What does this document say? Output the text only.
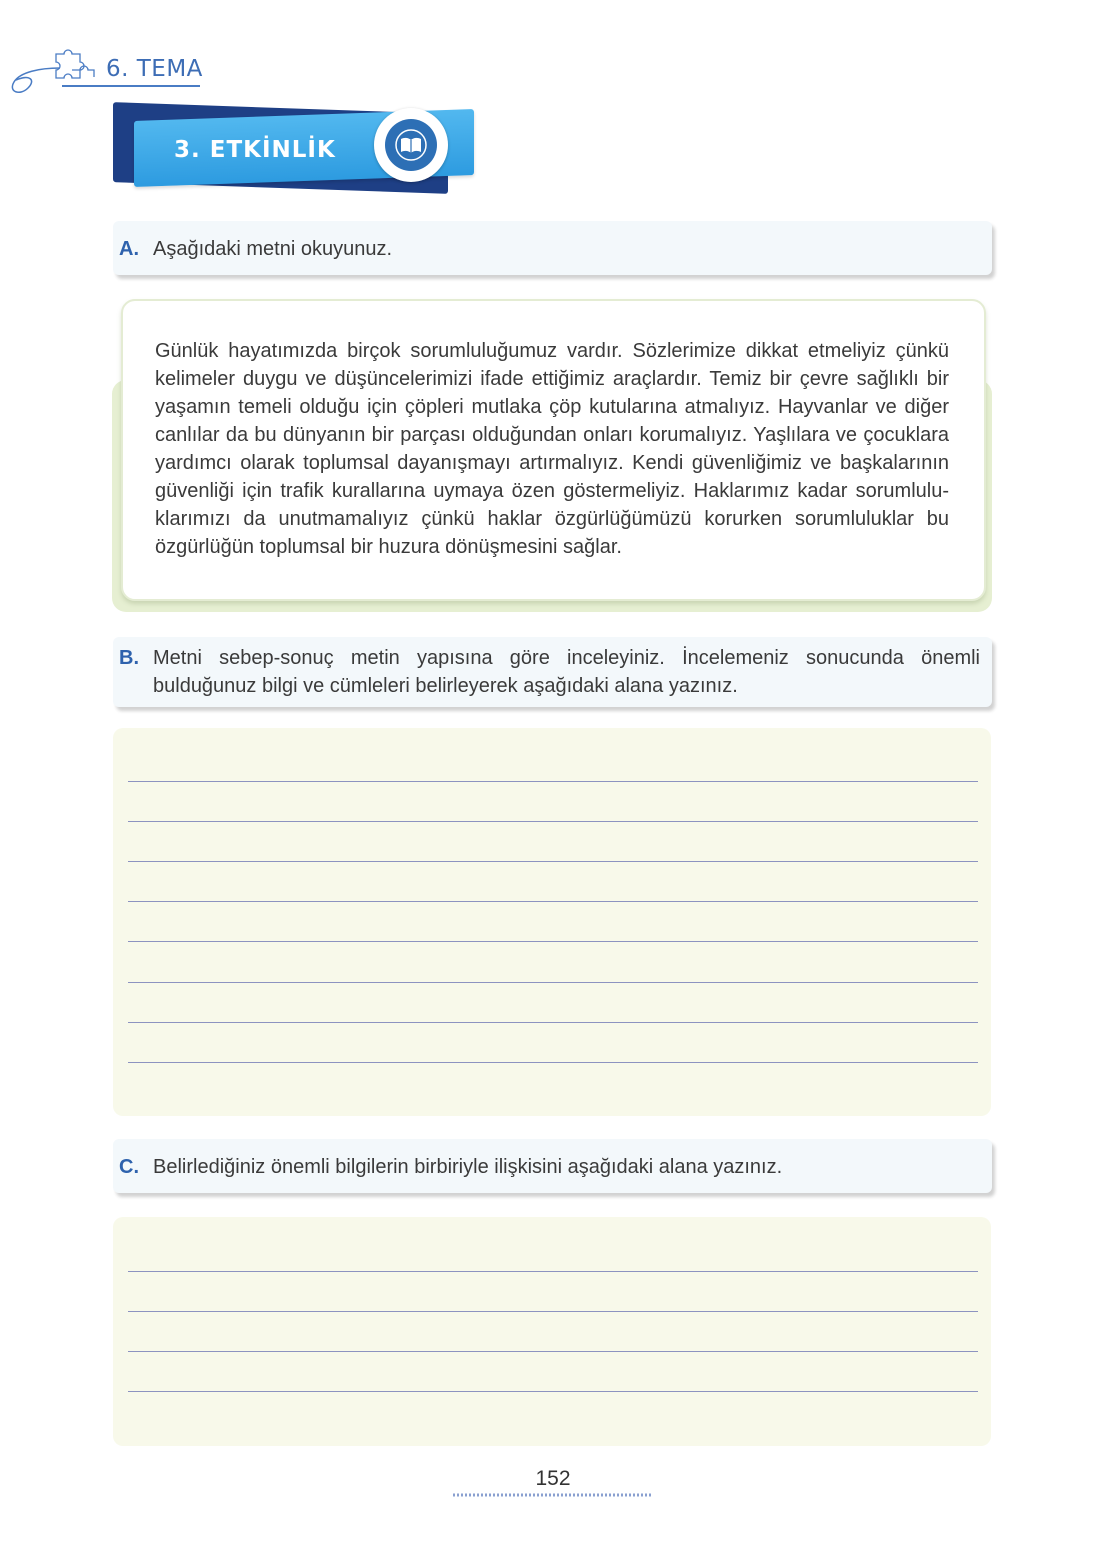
6. TEMA
3. ETKİNLİK
A. Aşağıdaki metni okuyunuz.
Günlük hayatımızda birçok sorumluluğumuz vardır. Sözlerimize dikkat etmeliyiz çünkü kelimeler duygu ve düşüncelerimizi ifade ettiğimiz araçlardır. Temiz bir çevre sağlıklı bir yaşamın temeli olduğu için çöpleri mutlaka çöp kutularına atmalıyız. Hayvanlar ve diğer canlılar da bu dünyanın bir parçası olduğundan onları korumalıyız. Yaşlılara ve çocuklara yardımcı olarak toplumsal dayanışmayı artırmalıyız. Kendi güvenliğimiz ve başkalarının güvenliği için trafik kurallarına uymaya özen göstermeliyiz. Haklarımız kadar sorumluluklarımızı da unutmamalıyız çünkü haklar özgürlüğümüzü korurken sorumluluklar bu özgürlüğün toplumsal bir huzura dönüşmesini sağlar.
B. Metni sebep-sonuç metin yapısına göre inceleyiniz. İncelemeniz sonucunda önemli bulduğunuz bilgi ve cümleleri belirleyerek aşağıdaki alana yazınız.
C. Belirlediğiniz önemli bilgilerin birbiriyle ilişkisini aşağıdaki alana yazınız.
152
